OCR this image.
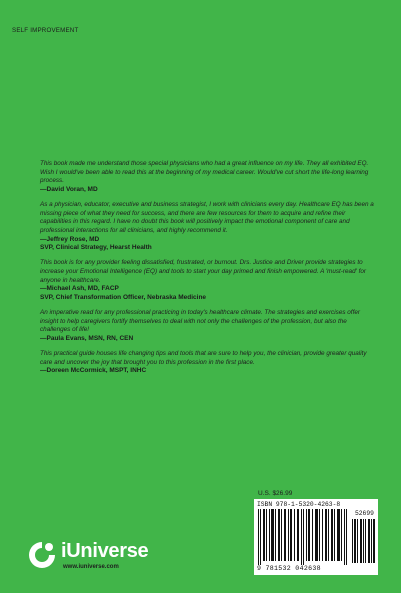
SELF IMPROVEMENT

This book made me understand those special physicians who had a great influence on my life. They all exhibited EQ. Wish I would've been able to read this at the beginning of my medical career. Would've cut short the life-long learning process.

—David Voran, MD

As a physician, educator, executive and business strategist, I work with clinicians every day. Healthcare EQ has been a missing piece of what they need for success, and there are few resources for them to acquire and refine their capabilities in this regard. I have no doubt this book will positively impact the emotional component of care and professional interactions for all clinicians, and highly recommend it.

—Jeffrey Rose, MD

SVP, Clinical Strategy, Hearst Health

This book is for any provider feeling dissatisfied, frustrated, or burnout. Drs. Justice and Driver provide strategies to increase your Emotional Intelligence (EQ) and tools to start your day primed and finish empowered. A 'must-read' for anyone in healthcare.

—Michael Ash, MD, FACP

SVP, Chief Transformation Officer, Nebraska Medicine

An imperative read for any professional practicing in today's healthcare climate. The strategies and exercises offer insight to help caregivers fortify themselves to deal with not only the challenges of the profession, but also the challenges of life!

—Paula Evans, MSN, RN, CEN

This practical guide houses life changing tips and tools that are sure to help you, the clinician, provide greater quality care and uncover the joy that brought you to this profession in the first place.

—Doreen McCormick, MSPT, INHC

U.S. $26.99
ISBN 978-1-5320-4263-8
52699
9 781532 042638
iUniverse
www.iuniverse.com
